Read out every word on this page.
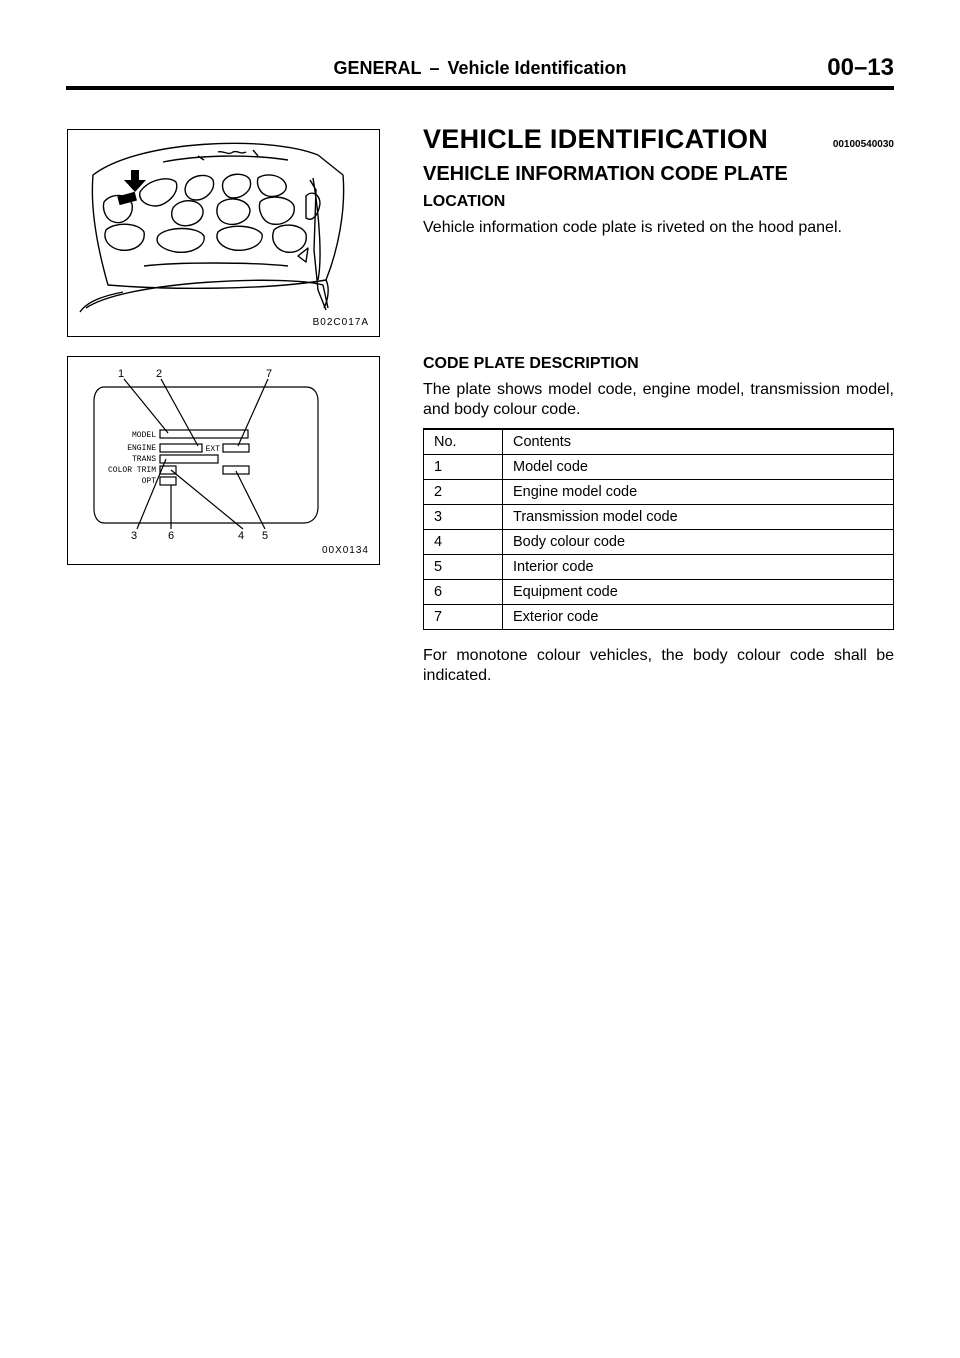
GENERAL – Vehicle Identification	00–13
B02C017A
1	2	7
3	6	4 5
MODEL
ENGINE
TRANS
COLOR TRIM
OPT
EXT
00X0134
VEHICLE IDENTIFICATION	00100540030
VEHICLE INFORMATION CODE PLATE
LOCATION
Vehicle information code plate is riveted on the hood panel.
CODE PLATE DESCRIPTION
The plate shows model code, engine model, transmission model, and body colour code.
No.	Contents
1	Model code
2	Engine model code
3	Transmission model code
4	Body colour code
5	Interior code
6	Equipment code
7	Exterior code
For monotone colour vehicles, the body colour code shall be indicated.
